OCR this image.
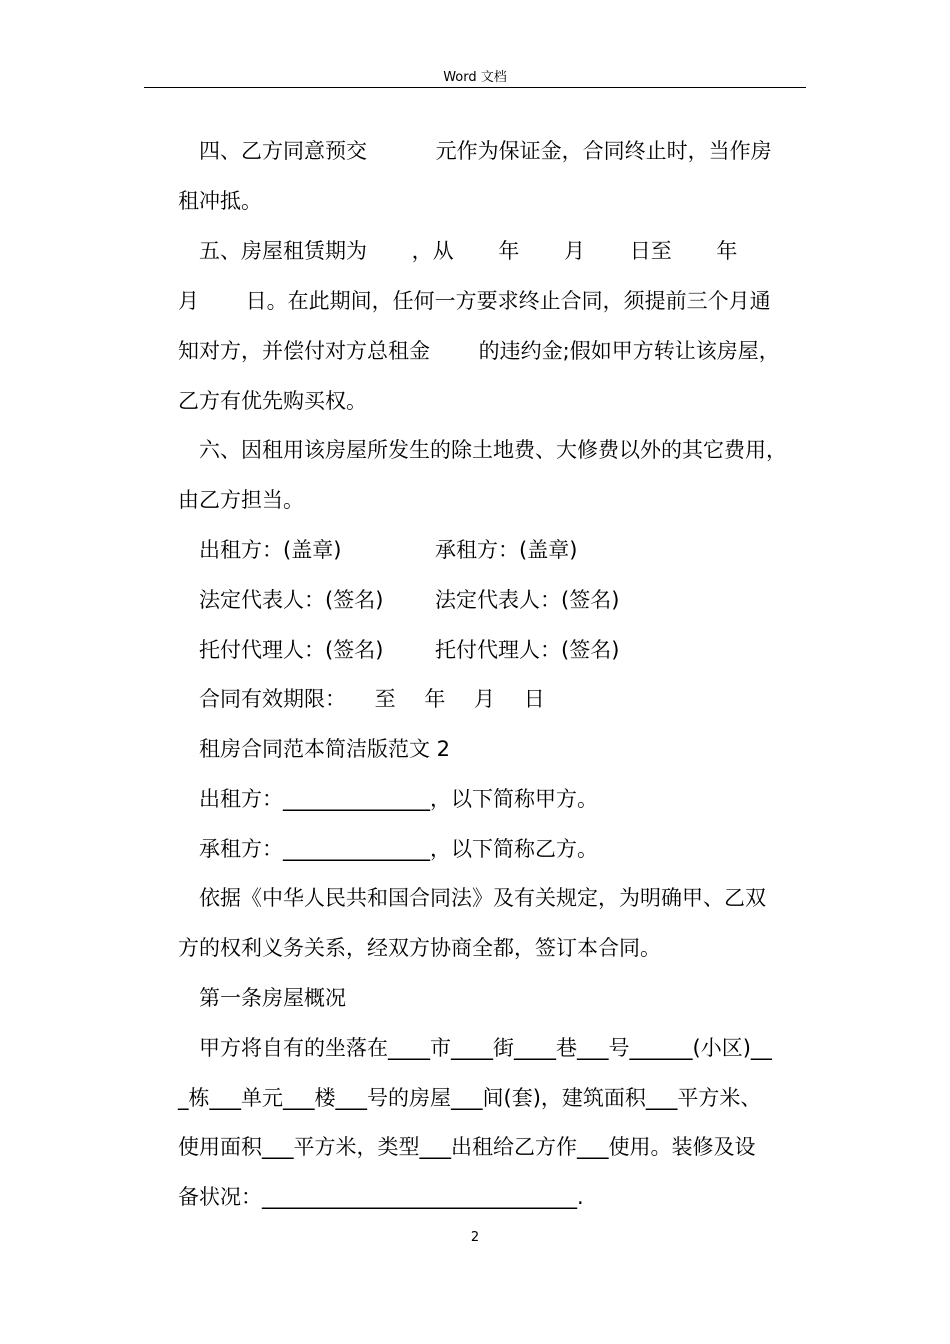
Word 文档
四、乙方同意预交 元作为保证金，合同终止时，当作房
租冲抵。
五、房屋租赁期为 ，从 年 月 日至 年
月 日。在此期间，任何一方要求终止合同，须提前三个月通
知对方，并偿付对方总租金 的违约金;假如甲方转让该房屋，
乙方有优先购买权。
六、因租用该房屋所发生的除土地费、大修费以外的其它费用，
由乙方担当。
出租方：(盖章)	承租方：(盖章)
法定代表人：(签名) 法定代表人：(签名)
托付代理人：(签名) 托付代理人：(签名)
合同有效期限： 至 年 月 日
租房合同范本简洁版范文 2
出租方：______________，以下简称甲方。
承租方：______________，以下简称乙方。
依据《中华人民共和国合同法》及有关规定，为明确甲、乙双
方的权利义务关系，经双方协商全都，签订本合同。
第一条房屋概况
甲方将自有的坐落在____市____街____巷___号______(小区)__
_栋___单元___楼___号的房屋___间(套)，建筑面积___平方米、
使用面积___平方米，类型___出租给乙方作___使用。装修及设
备状况：______________________________.
2
